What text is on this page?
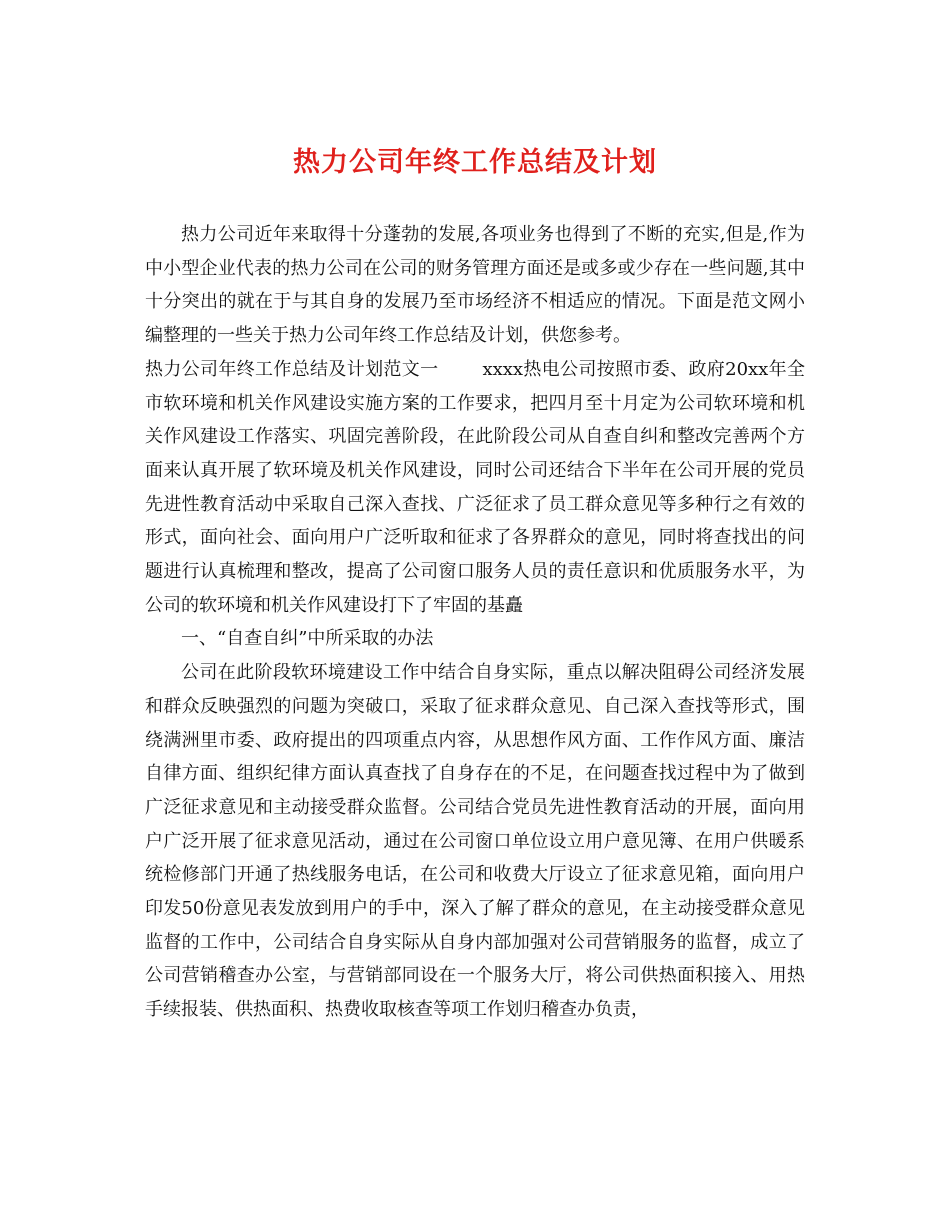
热力公司年终工作总结及计划

热力公司近年来取得十分蓬勃的发展,各项业务也得到了不断的充实,但是,作为中小型企业代表的热力公司在公司的财务管理方面还是或多或少存在一些问题,其中十分突出的就在于与其自身的发展乃至市场经济不相适应的情况。下面是范文网小编整理的一些关于热力公司年终工作总结及计划，供您参考。

热力公司年终工作总结及计划范文一 xxxx热电公司按照市委、政府20xx年全市软环境和机关作风建设实施方案的工作要求，把四月至十月定为公司软环境和机关作风建设工作落实、巩固完善阶段，在此阶段公司从自查自纠和整改完善两个方面来认真开展了软环境及机关作风建设，同时公司还结合下半年在公司开展的党员先进性教育活动中采取自己深入查找、广泛征求了员工群众意见等多种行之有效的形式，面向社会、面向用户广泛听取和征求了各界群众的意见，同时将查找出的问题进行认真梳理和整改，提高了公司窗口服务人员的责任意识和优质服务水平，为公司的软环境和机关作风建设打下了牢固的基矗

一、“自查自纠”中所采取的办法

公司在此阶段软环境建设工作中结合自身实际，重点以解决阻碍公司经济发展和群众反映强烈的问题为突破口，采取了征求群众意见、自己深入查找等形式，围绕满洲里市委、政府提出的四项重点内容，从思想作风方面、工作作风方面、廉洁自律方面、组织纪律方面认真查找了自身存在的不足，在问题查找过程中为了做到广泛征求意见和主动接受群众监督。公司结合党员先进性教育活动的开展，面向用户广泛开展了征求意见活动，通过在公司窗口单位设立用户意见簿、在用户供暖系统检修部门开通了热线服务电话，在公司和收费大厅设立了征求意见箱，面向用户印发50份意见表发放到用户的手中，深入了解了群众的意见，在主动接受群众意见监督的工作中，公司结合自身实际从自身内部加强对公司营销服务的监督，成立了公司营销稽查办公室，与营销部同设在一个服务大厅，将公司供热面积接入、用热手续报装、供热面积、热费收取核查等项工作划归稽查办负责，
